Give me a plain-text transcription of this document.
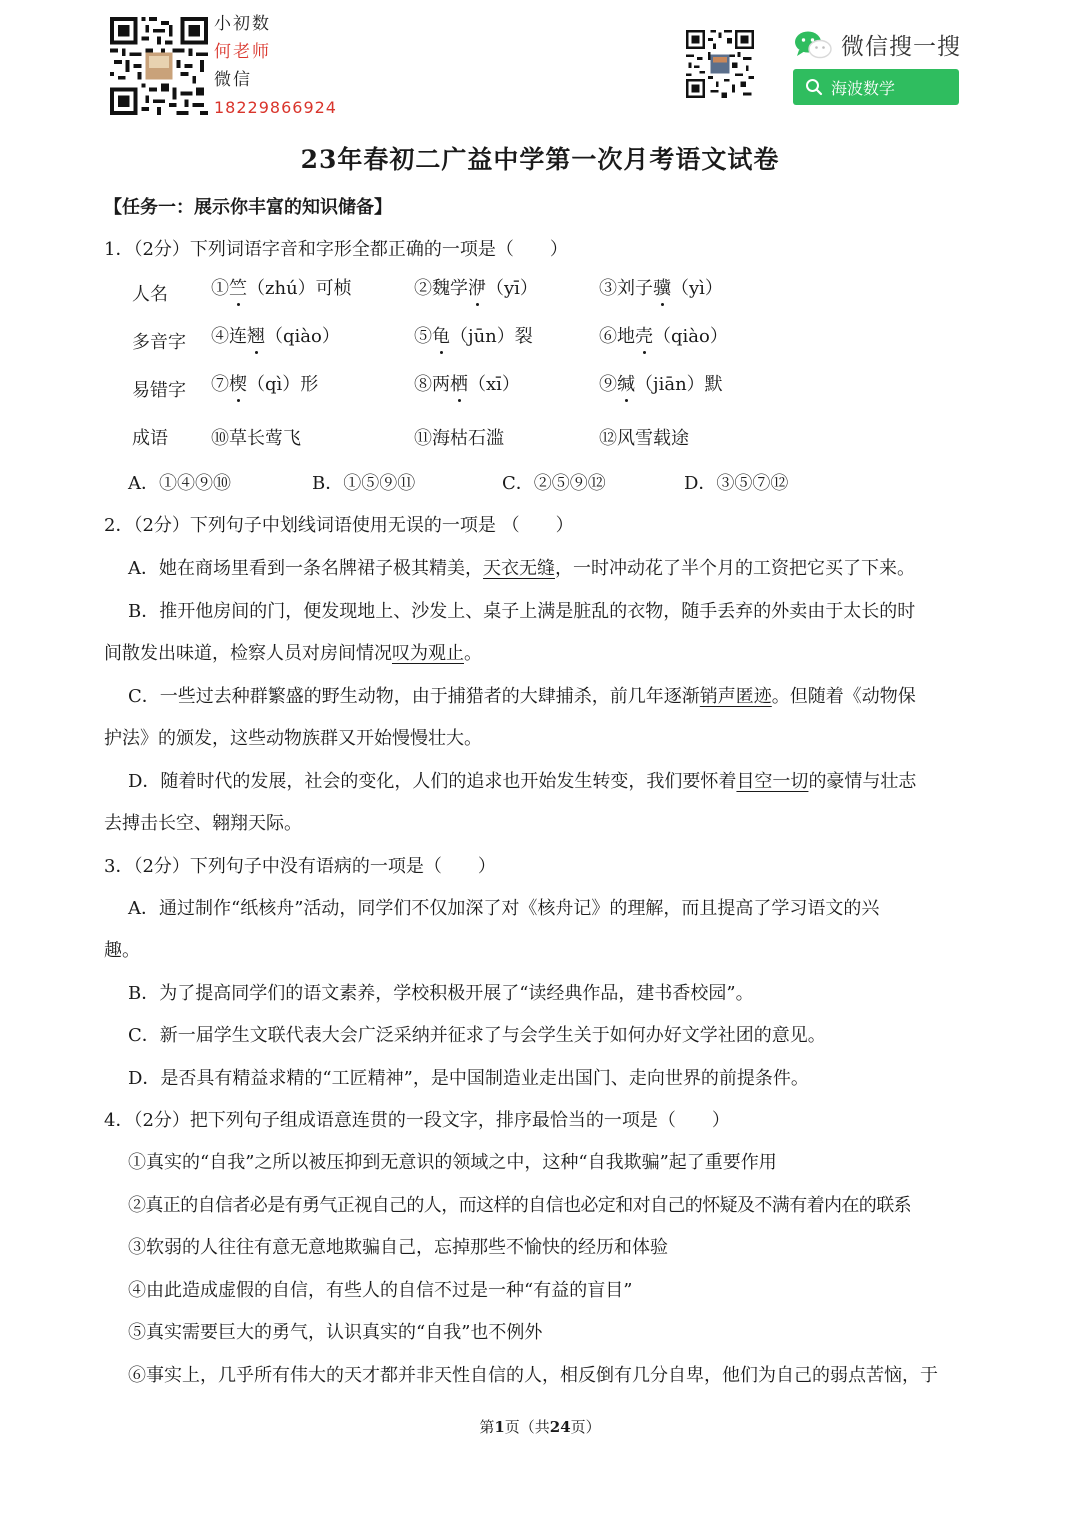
小初数
何老师
微信
18229866924
微信搜一搜
海波数学
23年春初二广益中学第一次月考语文试卷
【任务一：展示你丰富的知识储备】
1．（2分）下列词语字音和字形全都正确的一项是（　　）
人名 ①竺（zhú）可桢	②魏学洢（yī）	③刘子骥（yì）
多音字 ④连翘（qiào）	⑤龟（jūn）裂	⑥地壳（qiào）
易错字 ⑦楔（qì）形	⑧两栖（xī）	⑨缄（jiān）默
成语 ⑩草长莺飞	⑪海枯石滥	⑫风雪载途
A．①④⑨⑩	B．①⑤⑨⑪	C．②⑤⑨⑫	D．③⑤⑦⑫
2．（2分）下列句子中划线词语使用无误的一项是 （　　）
A．她在商场里看到一条名牌裙子极其精美，天衣无缝，一时冲动花了半个月的工资把它买了下来。
B．推开他房间的门，便发现地上、沙发上、桌子上满是脏乱的衣物，随手丢弃的外卖由于太长的时
间散发出味道，检察人员对房间情况叹为观止。
C．一些过去种群繁盛的野生动物，由于捕猎者的大肆捕杀，前几年逐渐销声匿迹。但随着《动物保
护法》的颁发，这些动物族群又开始慢慢壮大。
D．随着时代的发展，社会的变化，人们的追求也开始发生转变，我们要怀着目空一切的豪情与壮志
去搏击长空、翱翔天际。
3．（2分）下列句子中没有语病的一项是（　　）
A．通过制作“纸核舟”活动，同学们不仅加深了对《核舟记》的理解，而且提高了学习语文的兴
趣。
B．为了提高同学们的语文素养，学校积极开展了“读经典作品，建书香校园”。
C．新一届学生文联代表大会广泛采纳并征求了与会学生关于如何办好文学社团的意见。
D．是否具有精益求精的“工匠精神”，是中国制造业走出国门、走向世界的前提条件。
4．（2分）把下列句子组成语意连贯的一段文字，排序最恰当的一项是（　　）
①真实的“自我”之所以被压抑到无意识的领域之中，这种“自我欺骗”起了重要作用
②真正的自信者必是有勇气正视自己的人，而这样的自信也必定和对自己的怀疑及不满有着内在的联系
③软弱的人往往有意无意地欺骗自己，忘掉那些不愉快的经历和体验
④由此造成虚假的自信，有些人的自信不过是一种“有益的盲目”
⑤真实需要巨大的勇气，认识真实的“自我”也不例外
⑥事实上，几乎所有伟大的天才都并非天性自信的人，相反倒有几分自卑，他们为自己的弱点苦恼，于
第1页（共24页）
